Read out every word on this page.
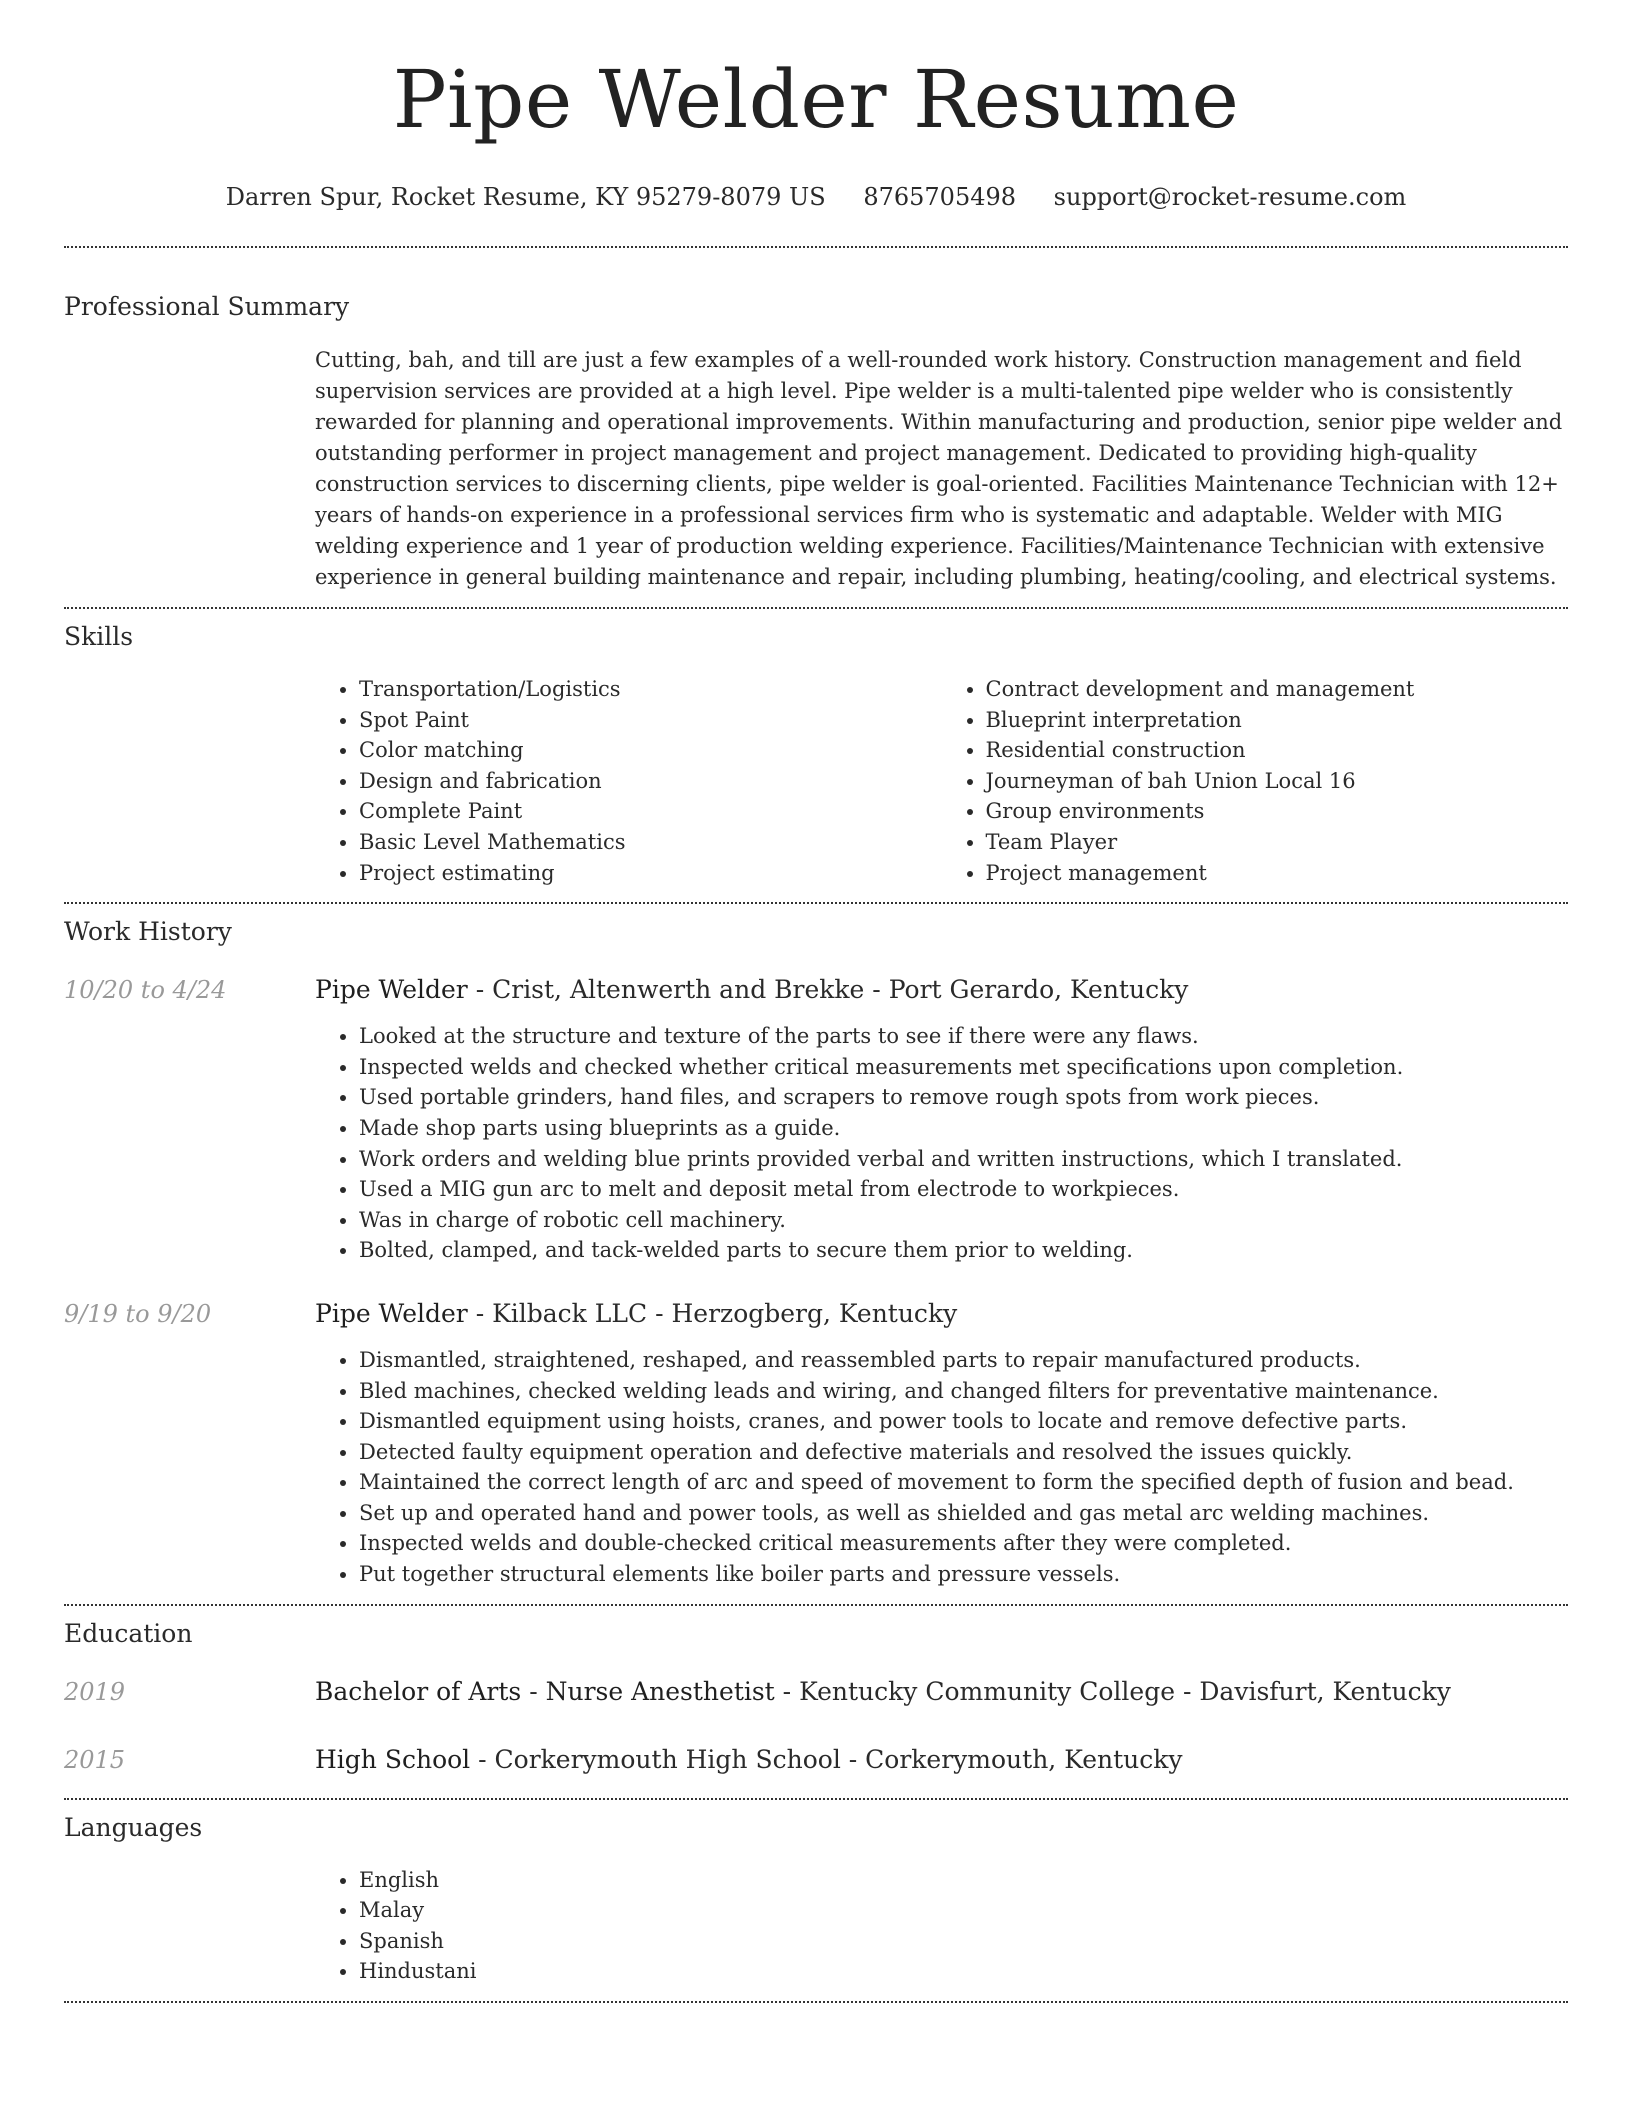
Pipe Welder Resume
Darren Spur, Rocket Resume, KY 95279-8079 US 8765705498 support@rocket-resume.com
Professional Summary

Cutting, bah, and till are just a few examples of a well-rounded work history. Construction management and field supervision services are provided at a high level. Pipe welder is a multi-talented pipe welder who is consistently rewarded for planning and operational improvements. Within manufacturing and production, senior pipe welder and outstanding performer in project management and project management. Dedicated to providing high-quality construction services to discerning clients, pipe welder is goal-oriented. Facilities Maintenance Technician with 12+ years of hands-on experience in a professional services firm who is systematic and adaptable. Welder with MIG welding experience and 1 year of production welding experience. Facilities/Maintenance Technician with extensive experience in general building maintenance and repair, including plumbing, heating/cooling, and electrical systems.

Skills
• Transportation/Logistics
• Spot Paint
• Color matching
• Design and fabrication
• Complete Paint
• Basic Level Mathematics
• Project estimating
• Contract development and management
• Blueprint interpretation
• Residential construction
• Journeyman of bah Union Local 16
• Group environments
• Team Player
• Project management
Work History
10/20 to 4/24	Pipe Welder - Crist, Altenwerth and Brekke - Port Gerardo, Kentucky
• Looked at the structure and texture of the parts to see if there were any flaws.
• Inspected welds and checked whether critical measurements met specifications upon completion.
• Used portable grinders, hand files, and scrapers to remove rough spots from work pieces.
• Made shop parts using blueprints as a guide.
• Work orders and welding blue prints provided verbal and written instructions, which I translated.
• Used a MIG gun arc to melt and deposit metal from electrode to workpieces.
• Was in charge of robotic cell machinery.
• Bolted, clamped, and tack-welded parts to secure them prior to welding.
9/19 to 9/20	Pipe Welder - Kilback LLC - Herzogberg, Kentucky
• Dismantled, straightened, reshaped, and reassembled parts to repair manufactured products.
• Bled machines, checked welding leads and wiring, and changed filters for preventative maintenance.
• Dismantled equipment using hoists, cranes, and power tools to locate and remove defective parts.
• Detected faulty equipment operation and defective materials and resolved the issues quickly.
• Maintained the correct length of arc and speed of movement to form the specified depth of fusion and bead.
• Set up and operated hand and power tools, as well as shielded and gas metal arc welding machines.
• Inspected welds and double-checked critical measurements after they were completed.
• Put together structural elements like boiler parts and pressure vessels.
Education
2019	Bachelor of Arts - Nurse Anesthetist - Kentucky Community College - Davisfurt, Kentucky
2015	High School - Corkerymouth High School - Corkerymouth, Kentucky
Languages
• English
• Malay
• Spanish
• Hindustani
